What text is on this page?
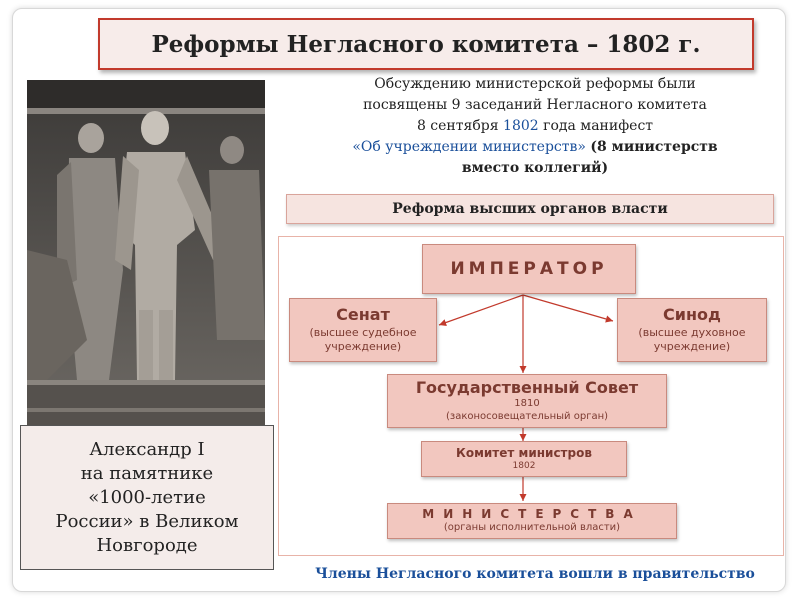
Реформы Негласного комитета – 1802 г.
Александр I
на памятнике
«1000-летие
России» в Великом
Новгороде
Обсуждению министерской реформы были
посвящены 9 заседаний Негласного комитета
8 сентября 1802 года манифест
«Об учреждении министерств» (8 министерств
вместо коллегий)
Реформа высших органов власти
ИМПЕРАТОР
Сенат
(высшее судебное учреждение)
Синод
(высшее духовное учреждение)
Государственный Совет
1810
(законосовещательный орган)
Комитет министров
1802
МИНИСТЕРСТВА
(органы исполнительной власти)
Члены Негласного комитета вошли в правительство
